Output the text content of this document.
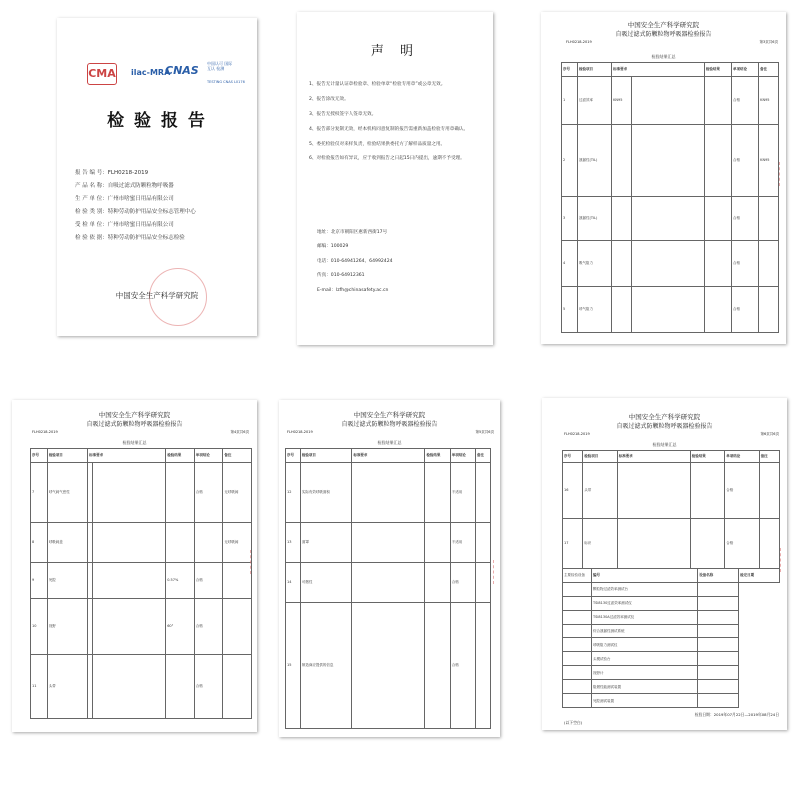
CMA ilac-MRA
CNAS
中国认可 国际互认 检测
TESTING CNAS L0176
检 验 报 告
报 告 编 号：FLH0218-2019
产 品 名 称：自吸过滤式防颗粒物呼吸器
生 产 单 位：广州市啥蜜日用品有限公司
检 验 类 别：特种劳动防护用品安全标志管理中心
受 检 单 位：广州市啥蜜日用品有限公司
检 验 依 据：特种劳动防护用品安全标志检验
中国安全生产科学研究院
声 明
1、报告无计量认证章检验章、检验单章“检验专用章”或公章无效。
2、报告涂改无效。
3、报告无授权签字人签章无效。
4、报告部分复制无效，经本机构同意复制的报告需重新加盖检验专用章确认。
5、委托检验仅对来样负责，检验结果供委托方了解样品质量之用。
6、对检验报告如有异议，应于收到报告之日起15日内提出，逾期不予受理。
地址：北京市朝阳区惠新西街17号
邮编：100029
电话：010-64941264、64992424
传真：010-64912361
E-mail：lzfh@chinasafety.ac.cn
中国安全生产科学研究院
自吸过滤式防颗粒物呼吸器检验报告
FLH0218-2019	第3页共6页
检验结果汇总
序号	检验项目	标准要求		检验结果	单项结论	备注
1	过滤效率	KN95			合格	KN95
2	泄漏性(TIL)				合格	KN95
3	泄漏性(TIL)				合格	
4	吸气阻力				合格	
5	呼气阻力				合格	
中国安全生产科学研究院
自吸过滤式防颗粒物呼吸器检验报告
FLH0218-2019	第4页共6页
检验结果汇总
序号	检验项目	标准要求		检验结果	单项结论	备注
7	呼气阀气密性				合格	无呼吸阀
8	呼吸阀盖					无呼吸阀
9	死腔			0.57%	合格	
10	视野			60°	合格	
11	头带				合格	
中国安全生产科学研究院
自吸过滤式防颗粒物呼吸器检验报告
FLH0218-2019	第5页共6页
检验结果汇总
序号	检验项目	标准要求	检验结果	单项结论	备注
12	实际有效呼吸面积			不适用	
13	面罩			不适用	
14	可燃性			合格	
15	制造商应提供的信息			合格	
中国安全生产科学研究院
自吸过滤式防颗粒物呼吸器检验报告
FLH0218-2019	第6页共6页
检验结果汇总
序号	检验项目	标准要求	检验结果	单项结论	备注
16	头带			合格	
17	标识			合格	
主要检验设备	编号	设备名称	检定日期
	颗粒物过滤效率测试台		
	TSI8130过滤效率测试仪		
	TSI8130A过滤效率测试仪		
	综合泄漏性测试系统		
	呼吸阻力测试仪		
	头模试验台		
	视野计		
	阻燃性能测试装置		
	死腔测试装置		
检验日期：2019年07月22日—2019年08月24日
(以下空白)
